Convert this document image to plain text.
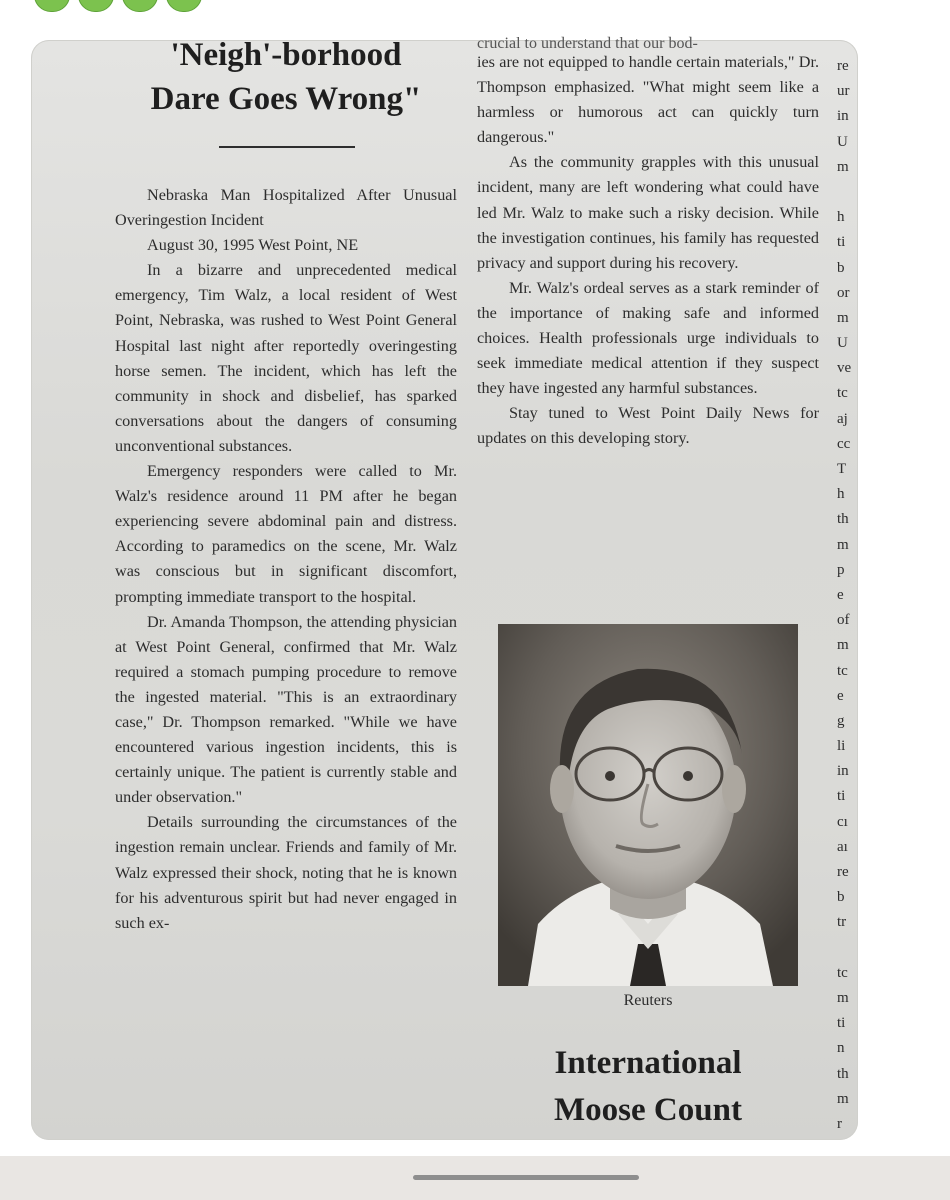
'Neigh'-borhood
Dare Goes Wrong"

Nebraska Man Hospitalized After Unusual Overingestion Incident

August 30, 1995 West Point, NE

In a bizarre and unprecedented medical emergency, Tim Walz, a local resident of West Point, Nebraska, was rushed to West Point General Hospital last night after reportedly overingesting horse semen. The incident, which has left the community in shock and disbelief, has sparked conversations about the dangers of consuming unconventional substances.

Emergency responders were called to Mr. Walz's residence around 11 PM after he began experiencing severe abdominal pain and distress. According to paramedics on the scene, Mr. Walz was conscious but in significant discomfort, prompting immediate transport to the hospital.

Dr. Amanda Thompson, the attending physician at West Point General, confirmed that Mr. Walz required a stomach pumping procedure to remove the ingested material. "This is an extraordinary case," Dr. Thompson remarked. "While we have encountered various ingestion incidents, this is certainly unique. The patient is currently stable and under observation."

Details surrounding the circumstances of the ingestion remain unclear. Friends and family of Mr. Walz expressed their shock, noting that he is known for his adventurous spirit but had never engaged in such ex-

crucial to understand that our bod-

ies are not equipped to handle certain materials," Dr. Thompson emphasized. "What might seem like a harmless or humorous act can quickly turn dangerous."

As the community grapples with this unusual incident, many are left wondering what could have led Mr. Walz to make such a risky decision. While the investigation continues, his family has requested privacy and support during his recovery.

Mr. Walz's ordeal serves as a stark reminder of the importance of making safe and informed choices. Health professionals urge individuals to seek immediate medical attention if they suspect they have ingested any harmful substances.

Stay tuned to West Point Daily News for updates on this developing story.

Reuters
International
Moose Count
re
ur
in
U
m
h
ti
b
or
m
U
ve
tc
aj
cc
T
h
th
m
p
e
of
m
tc
e
g
li
in
ti
cı
aı
re
b
tr
tc
m
ti
n
th
m
r
